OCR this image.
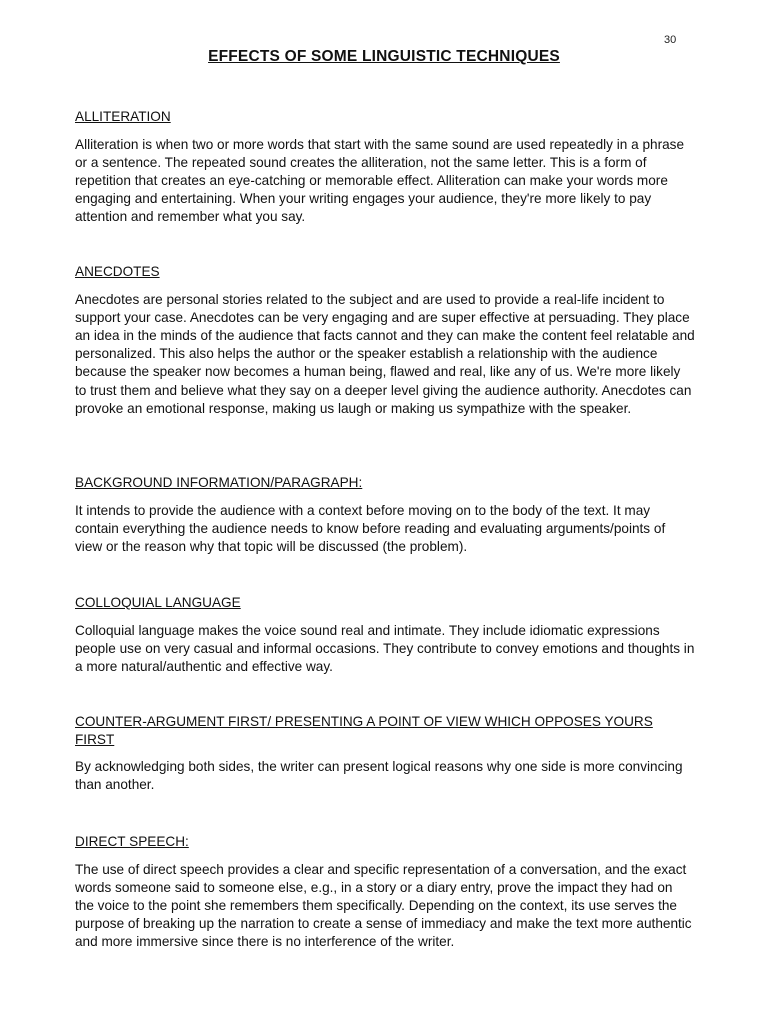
30
EFFECTS OF SOME LINGUISTIC TECHNIQUES
ALLITERATION

Alliteration is when two or more words that start with the same sound are used repeatedly in a phrase or a sentence. The repeated sound creates the alliteration, not the same letter. This is a form of repetition that creates an eye-catching or memorable effect. Alliteration can make your words more engaging and entertaining. When your writing engages your audience, they're more likely to pay attention and remember what you say.

ANECDOTES

Anecdotes are personal stories related to the subject and are used to provide a real-life incident to support your case. Anecdotes can be very engaging and are super effective at persuading. They place an idea in the minds of the audience that facts cannot and they can make the content feel relatable and personalized. This also helps the author or the speaker establish a relationship with the audience because the speaker now becomes a human being, flawed and real, like any of us. We're more likely to trust them and believe what they say on a deeper level giving the audience authority. Anecdotes can provoke an emotional response, making us laugh or making us sympathize with the speaker.

BACKGROUND INFORMATION/PARAGRAPH:

It intends to provide the audience with a context before moving on to the body of the text. It may contain everything the audience needs to know before reading and evaluating arguments/points of view or the reason why that topic will be discussed (the problem).

COLLOQUIAL LANGUAGE

Colloquial language makes the voice sound real and intimate. They include idiomatic expressions people use on very casual and informal occasions. They contribute to convey emotions and thoughts in a more natural/authentic and effective way.

COUNTER-ARGUMENT FIRST/ PRESENTING A POINT OF VIEW WHICH OPPOSES YOURS FIRST

By acknowledging both sides, the writer can present logical reasons why one side is more convincing than another.

DIRECT SPEECH:

The use of direct speech provides a clear and specific representation of a conversation, and the exact words someone said to someone else, e.g., in a story or a diary entry, prove the impact they had on the voice to the point she remembers them specifically. Depending on the context, its use serves the purpose of breaking up the narration to create a sense of immediacy and make the text more authentic and more immersive since there is no interference of the writer.
